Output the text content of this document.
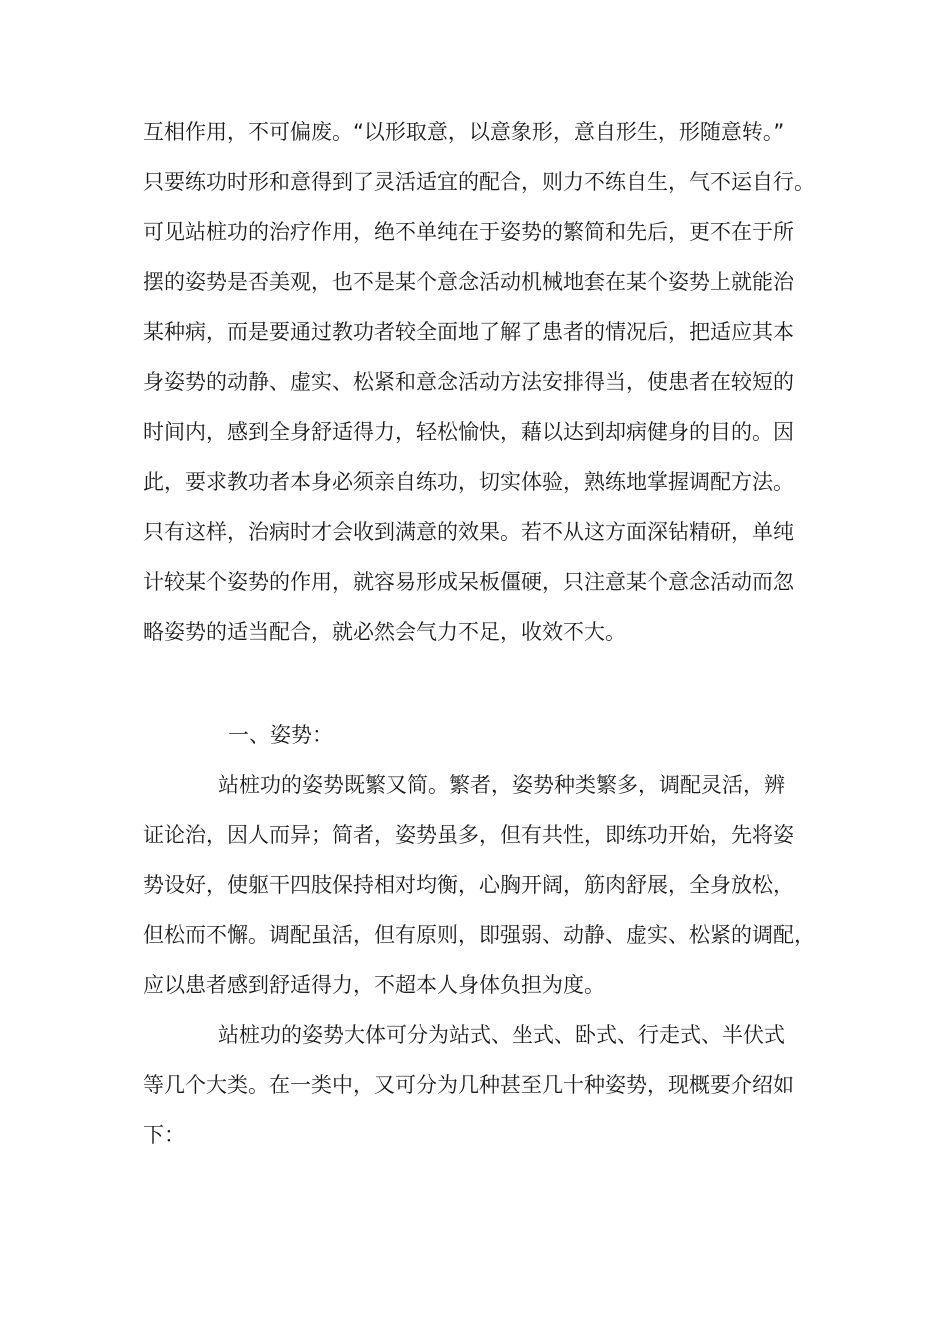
互相作用，不可偏废。“以形取意，以意象形，意自形生，形随意转。”
只要练功时形和意得到了灵活适宜的配合，则力不练自生，气不运自行。
可见站桩功的治疗作用，绝不单纯在于姿势的繁简和先后，更不在于所
摆的姿势是否美观，也不是某个意念活动机械地套在某个姿势上就能治
某种病，而是要通过教功者较全面地了解了患者的情况后，把适应其本
身姿势的动静、虚实、松紧和意念活动方法安排得当，使患者在较短的
时间内，感到全身舒适得力，轻松愉快，藉以达到却病健身的目的。因
此，要求教功者本身必须亲自练功，切实体验，熟练地掌握调配方法。
只有这样，治病时才会收到满意的效果。若不从这方面深钻精研，单纯
计较某个姿势的作用，就容易形成呆板僵硬，只注意某个意念活动而忽
略姿势的适当配合，就必然会气力不足，收效不大。
一、姿势：
站桩功的姿势既繁又简。繁者，姿势种类繁多，调配灵活，辨
证论治，因人而异；简者，姿势虽多，但有共性，即练功开始，先将姿
势设好，使躯干四肢保持相对均衡，心胸开阔，筋肉舒展，全身放松，
但松而不懈。调配虽活，但有原则，即强弱、动静、虚实、松紧的调配，
应以患者感到舒适得力，不超本人身体负担为度。
站桩功的姿势大体可分为站式、坐式、卧式、行走式、半伏式
等几个大类。在一类中，又可分为几种甚至几十种姿势，现概要介绍如
下：
